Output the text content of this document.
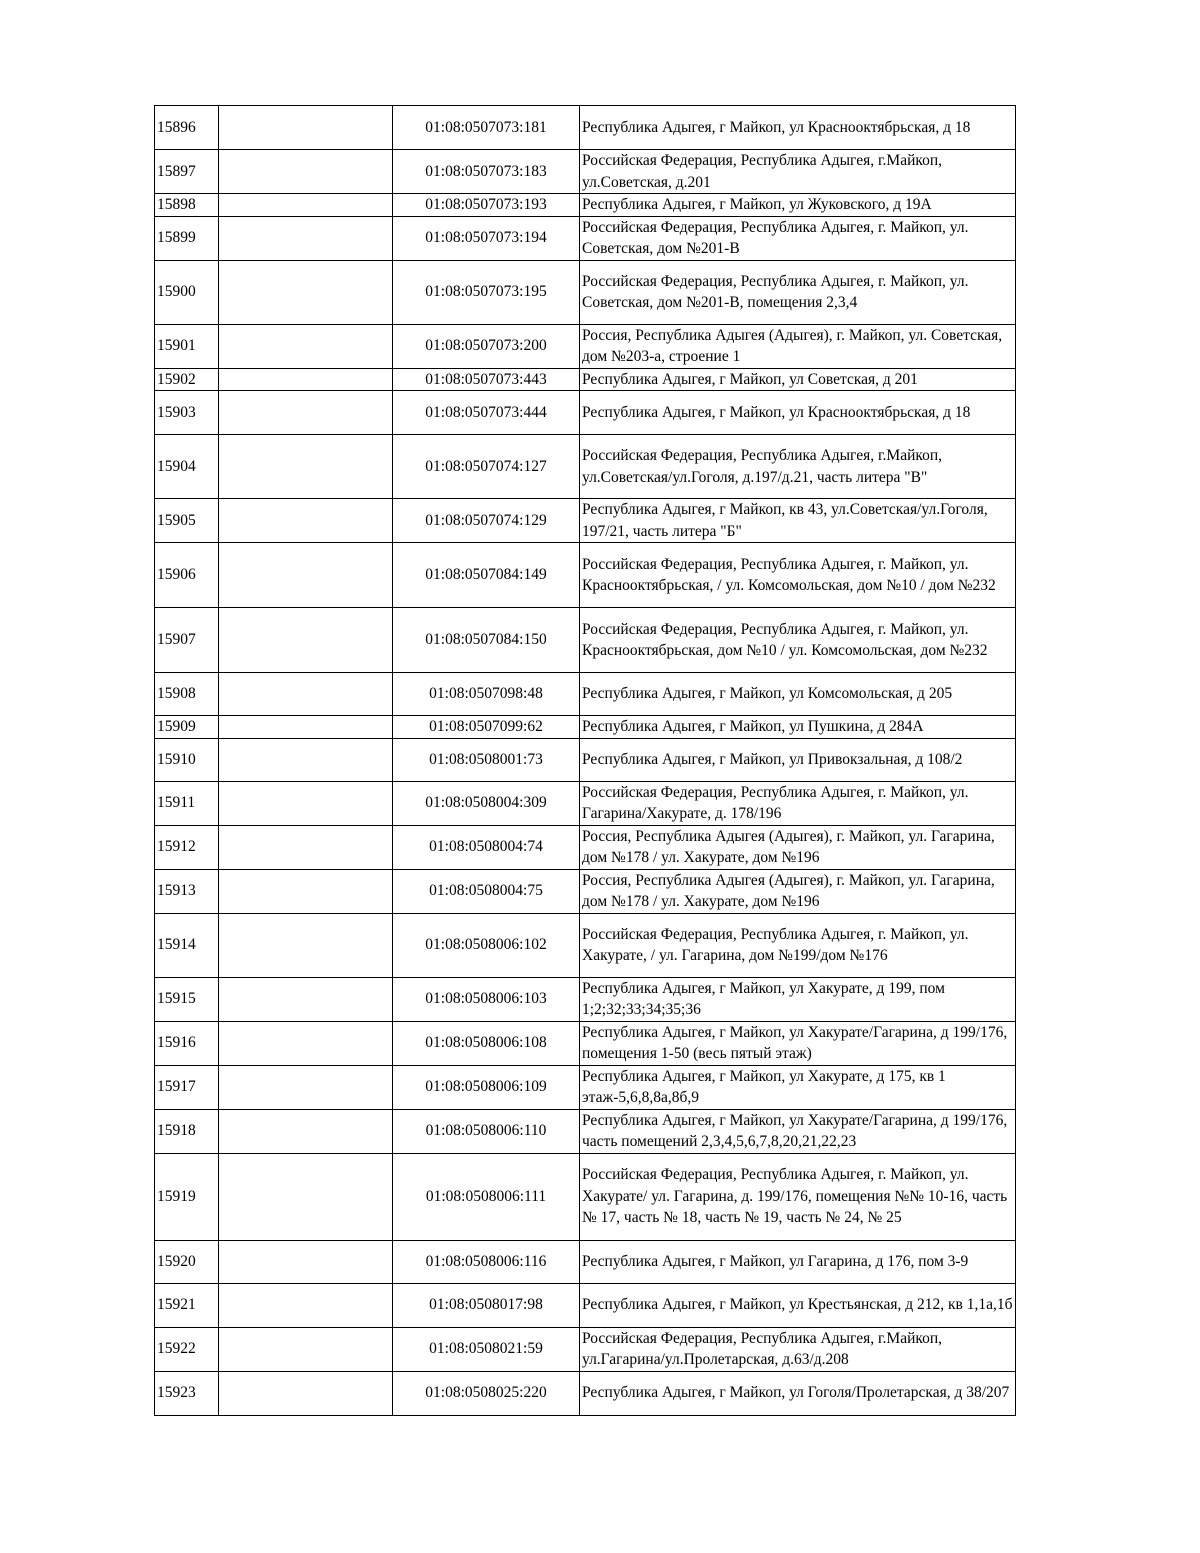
15896		01:08:0507073:181	Республика Адыгея, г Майкоп, ул Краснооктябрьская, д 18
15897		01:08:0507073:183	Российская Федерация, Республика Адыгея, г.Майкоп, ул.Советская, д.201
15898		01:08:0507073:193	Республика Адыгея, г Майкоп, ул Жуковского, д 19А
15899		01:08:0507073:194	Российская Федерация, Республика Адыгея, г. Майкоп, ул. Советская, дом №201-В
15900		01:08:0507073:195	Российская Федерация, Республика Адыгея, г. Майкоп, ул. Советская, дом №201-В, помещения 2,3,4
15901		01:08:0507073:200	Россия, Республика Адыгея (Адыгея), г. Майкоп, ул. Советская, дом №203-а, строение 1
15902		01:08:0507073:443	Республика Адыгея, г Майкоп, ул Советская, д 201
15903		01:08:0507073:444	Республика Адыгея, г Майкоп, ул Краснооктябрьская, д 18
15904		01:08:0507074:127	Российская Федерация, Республика Адыгея, г.Майкоп, ул.Советская/ул.Гоголя, д.197/д.21, часть литера "В"
15905		01:08:0507074:129	Республика Адыгея, г Майкоп, кв 43, ул.Советская/ул.Гоголя, 197/21, часть литера "Б"
15906		01:08:0507084:149	Российская Федерация, Республика Адыгея, г. Майкоп, ул. Краснооктябрьская, / ул. Комсомольская, дом №10 / дом №232
15907		01:08:0507084:150	Российская Федерация, Республика Адыгея, г. Майкоп, ул. Краснооктябрьская, дом №10 / ул. Комсомольская, дом №232
15908		01:08:0507098:48	Республика Адыгея, г Майкоп, ул Комсомольская, д 205
15909		01:08:0507099:62	Республика Адыгея, г Майкоп, ул Пушкина, д 284А
15910		01:08:0508001:73	Республика Адыгея, г Майкоп, ул Привокзальная, д 108/2
15911		01:08:0508004:309	Российская Федерация, Республика Адыгея, г. Майкоп, ул. Гагарина/Хакурате, д. 178/196
15912		01:08:0508004:74	Россия, Республика Адыгея (Адыгея), г. Майкоп, ул. Гагарина, дом №178 / ул. Хакурате, дом №196
15913		01:08:0508004:75	Россия, Республика Адыгея (Адыгея), г. Майкоп, ул. Гагарина, дом №178 / ул. Хакурате, дом №196
15914		01:08:0508006:102	Российская Федерация, Республика Адыгея, г. Майкоп, ул. Хакурате, / ул. Гагарина, дом №199/дом №176
15915		01:08:0508006:103	Республика Адыгея, г Майкоп, ул Хакурате, д 199, пом 1;2;32;33;34;35;36
15916		01:08:0508006:108	Республика Адыгея, г Майкоп, ул Хакурате/Гагарина, д 199/176, помещения 1-50 (весь пятый этаж)
15917		01:08:0508006:109	Республика Адыгея, г Майкоп, ул Хакурате, д 175, кв 1 этаж-5,6,8,8а,8б,9
15918		01:08:0508006:110	Республика Адыгея, г Майкоп, ул Хакурате/Гагарина, д 199/176, часть помещений 2,3,4,5,6,7,8,20,21,22,23
15919		01:08:0508006:111	Российская Федерация, Республика Адыгея, г. Майкоп, ул. Хакурате/ ул. Гагарина, д. 199/176, помещения №№ 10-16, часть № 17, часть № 18, часть № 19, часть № 24, № 25
15920		01:08:0508006:116	Республика Адыгея, г Майкоп, ул Гагарина, д 176, пом 3-9
15921		01:08:0508017:98	Республика Адыгея, г Майкоп, ул Крестьянская, д 212, кв 1,1а,1б
15922		01:08:0508021:59	Российская Федерация, Республика Адыгея, г.Майкоп, ул.Гагарина/ул.Пролетарская, д.63/д.208
15923		01:08:0508025:220	Республика Адыгея, г Майкоп, ул Гоголя/Пролетарская, д 38/207
